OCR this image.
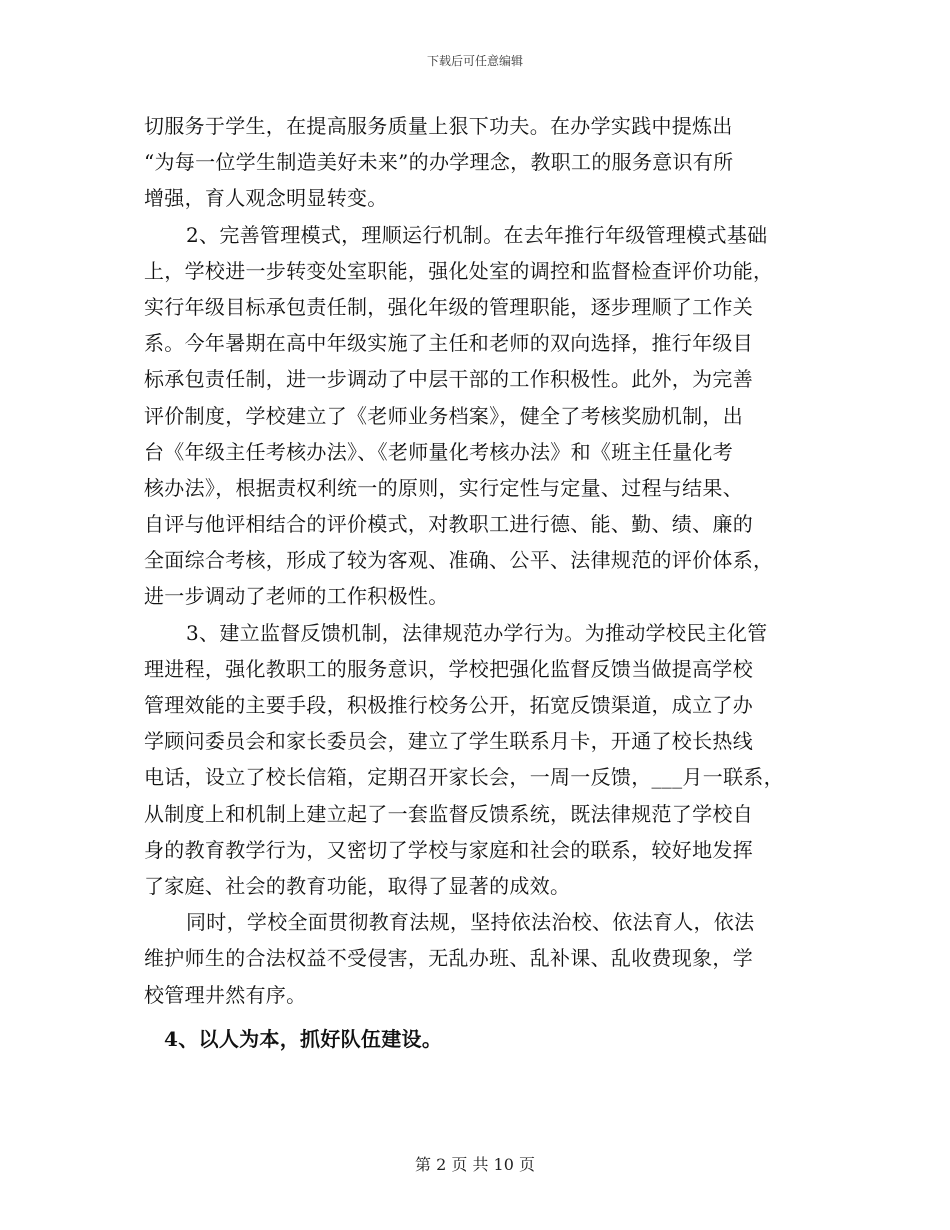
下载后可任意编辑
切服务于学生，在提高服务质量上狠下功夫。在办学实践中提炼出
“为每一位学生制造美好未来”的办学理念，教职工的服务意识有所
增强，育人观念明显转变。
2、完善管理模式，理顺运行机制。在去年推行年级管理模式基础
上，学校进一步转变处室职能，强化处室的调控和监督检查评价功能，
实行年级目标承包责任制，强化年级的管理职能，逐步理顺了工作关
系。今年暑期在高中年级实施了主任和老师的双向选择，推行年级目
标承包责任制，进一步调动了中层干部的工作积极性。此外，为完善
评价制度，学校建立了《老师业务档案》，健全了考核奖励机制，出
台《年级主任考核办法》、《老师量化考核办法》和《班主任量化考
核办法》，根据责权利统一的原则，实行定性与定量、过程与结果、
自评与他评相结合的评价模式，对教职工进行德、能、勤、绩、廉的
全面综合考核，形成了较为客观、准确、公平、法律规范的评价体系，
进一步调动了老师的工作积极性。
3、建立监督反馈机制，法律规范办学行为。为推动学校民主化管
理进程，强化教职工的服务意识，学校把强化监督反馈当做提高学校
管理效能的主要手段，积极推行校务公开，拓宽反馈渠道，成立了办
学顾问委员会和家长委员会，建立了学生联系月卡，开通了校长热线
电话，设立了校长信箱，定期召开家长会，一周一反馈，___月一联系，
从制度上和机制上建立起了一套监督反馈系统，既法律规范了学校自
身的教育教学行为，又密切了学校与家庭和社会的联系，较好地发挥
了家庭、社会的教育功能，取得了显著的成效。
同时，学校全面贯彻教育法规，坚持依法治校、依法育人，依法
维护师生的合法权益不受侵害，无乱办班、乱补课、乱收费现象，学
校管理井然有序。
4、以人为本，抓好队伍建设。
第 2 页 共 10 页
